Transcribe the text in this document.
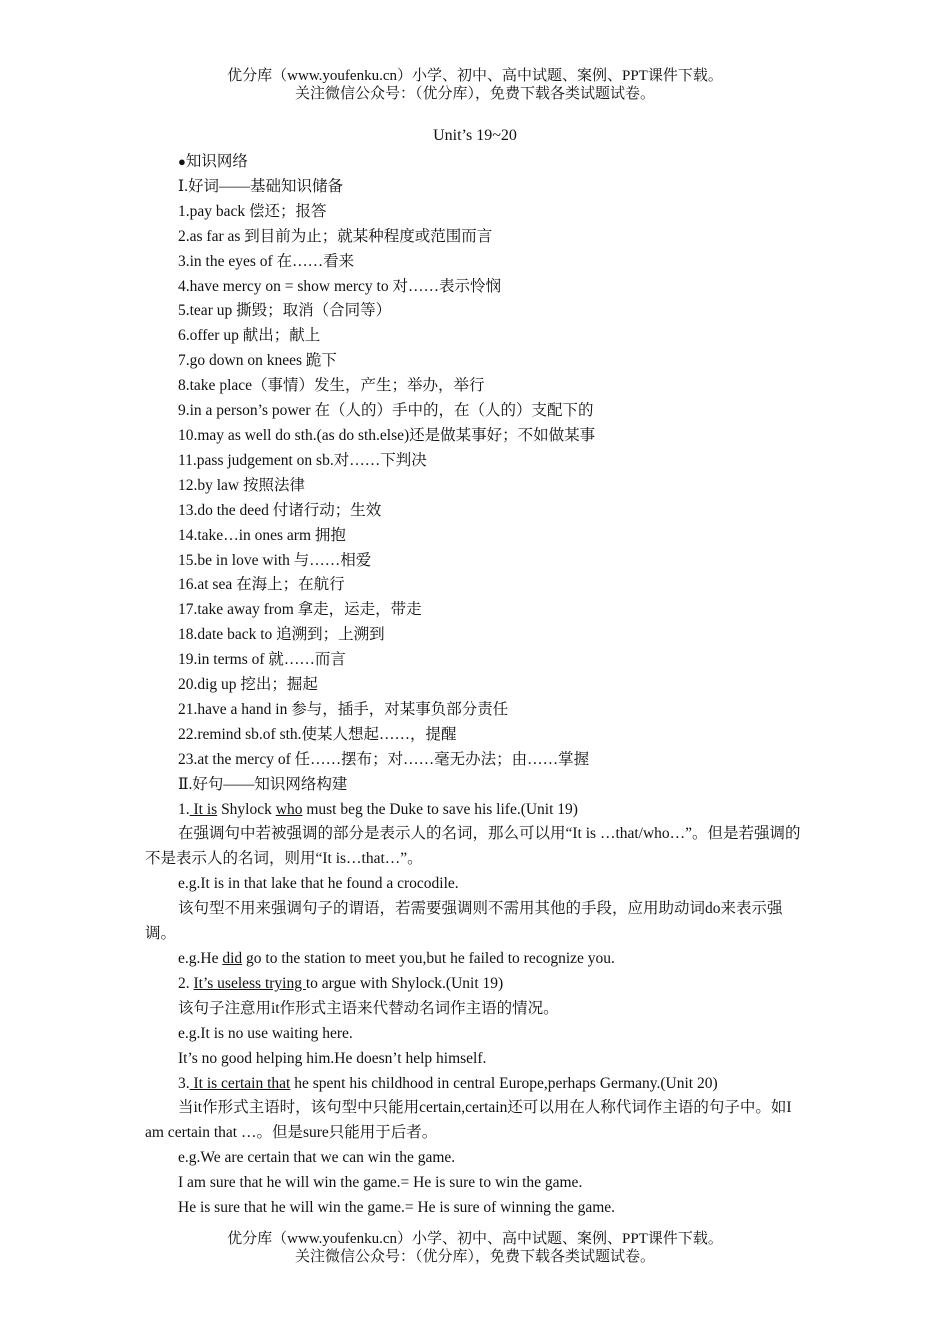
优分库（www.youfenku.cn）小学、初中、高中试题、案例、PPT课件下载。
关注微信公众号：（优分库），免费下载各类试题试卷。
Unit’s 19~20

●知识网络

Ⅰ.好词——基础知识储备

1.pay back 偿还；报答

2.as far as 到目前为止；就某种程度或范围而言

3.in the eyes of 在……看来

4.have mercy on = show mercy to 对……表示怜悯

5.tear up 撕毁；取消（合同等）

6.offer up 献出；献上

7.go down on knees 跪下

8.take place（事情）发生，产生；举办，举行

9.in a person’s power 在（人的）手中的，在（人的）支配下的

10.may as well do sth.(as do sth.else)还是做某事好；不如做某事

11.pass judgement on sb.对……下判决

12.by law 按照法律

13.do the deed 付诸行动；生效

14.take…in ones arm 拥抱

15.be in love with 与……相爱

16.at sea 在海上；在航行

17.take away from 拿走，运走，带走

18.date back to 追溯到；上溯到

19.in terms of 就……而言

20.dig up 挖出；掘起

21.have a hand in 参与，插手，对某事负部分责任

22.remind sb.of sth.使某人想起……，提醒

23.at the mercy of 任……摆布；对……毫无办法；由……掌握

Ⅱ.好句——知识网络构建

1. It is Shylock who must beg the Duke to save his life.(Unit 19)

在强调句中若被强调的部分是表示人的名词，那么可以用“It is …that/who…”。但是若强调的不是表示人的名词，则用“It is…that…”。

e.g.It is in that lake that he found a crocodile.

该句型不用来强调句子的谓语，若需要强调则不需用其他的手段，应用助动词do来表示强调。

e.g.He did go to the station to meet you,but he failed to recognize you.

2. It’s useless trying to argue with Shylock.(Unit 19)

该句子注意用it作形式主语来代替动名词作主语的情况。

e.g.It is no use waiting here.

It’s no good helping him.He doesn’t help himself.

3. It is certain that he spent his childhood in central Europe,perhaps Germany.(Unit 20)

当it作形式主语时，该句型中只能用certain,certain还可以用在人称代词作主语的句子中。如I am certain that …。但是sure只能用于后者。

e.g.We are certain that we can win the game.

I am sure that he will win the game.= He is sure to win the game.

He is sure that he will win the game.= He is sure of winning the game.

优分库（www.youfenku.cn）小学、初中、高中试题、案例、PPT课件下载。
关注微信公众号：（优分库），免费下载各类试题试卷。
